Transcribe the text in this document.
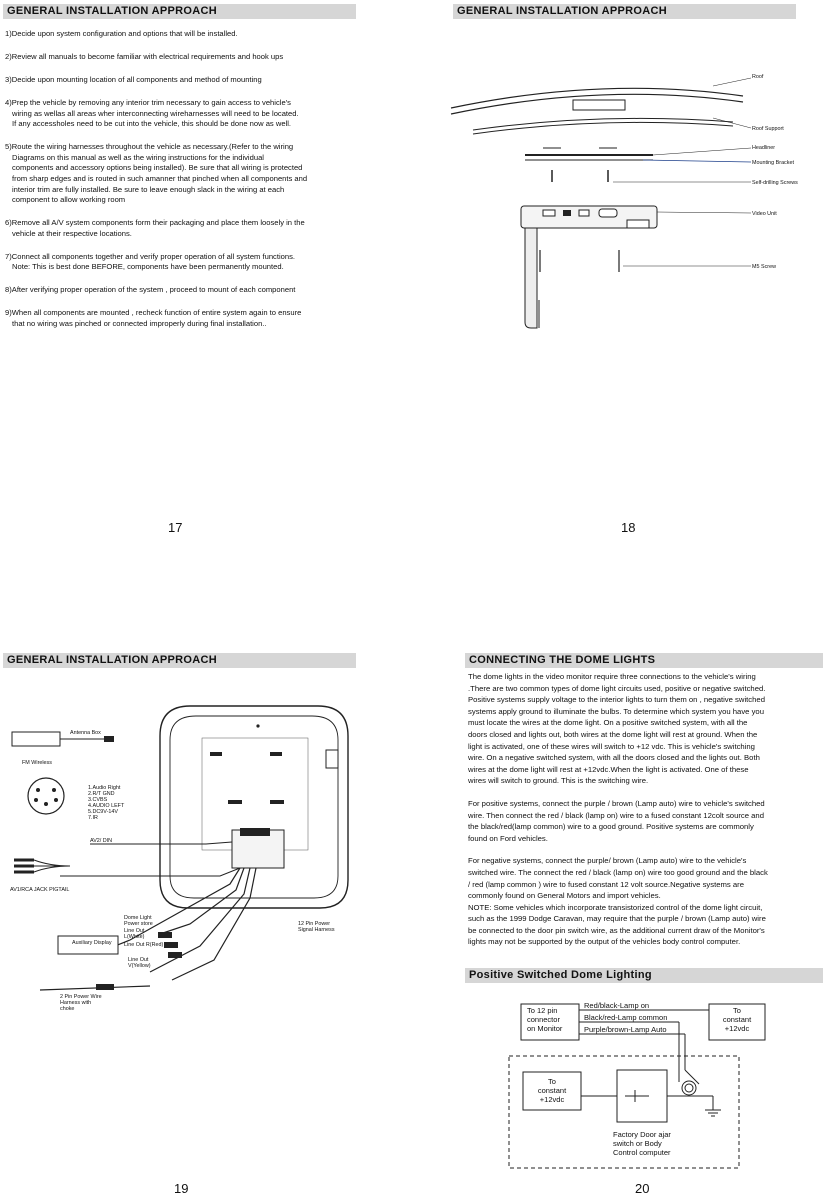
GENERAL INSTALLATION APPROACH

1)Decide upon system configuration and options that will be installed.

2)Review all manuals to become familiar with electrical requirements and hook ups

3)Decide upon mounting location of all components and method of mounting

4)Prep the vehicle by removing any interior trim necessary to gain access to vehicle's
wiring as wellas all areas wher interconnecting wireharnesses will need to be located.
If any accessholes need to be cut into the vehicle, this should be done now as well.

5)Route the wiring harnesses throughout the vehicle as necessary.(Refer to the wiring
Diagrams on this manual as well as the wiring instructions for the individual
components and accessory options being installed). Be sure that all wiring is protected
from sharp edges and is routed in such amanner that pinched when all components and
interior trim are fully installed. Be sure to leave enough slack in the wiring at each
component to allow working room

6)Remove all A/V system components form their packaging and place them loosely in the
vehicle at their respective locations.

7)Connect all components together and verify proper operation of all system functions.
Note: This is best done BEFORE, components have been permanently mounted.

8)After verifying proper operation of the system , proceed to mount of each component

9)When all components are mounted , recheck function of entire system again to ensure
that no wiring was pinched or connected improperly during final installation..

17
GENERAL INSTALLATION APPROACH
Roof
Roof Support
Headliner
Mounting Bracket
Self-drilling Screws
Video Unit
M5 Screw
18
GENERAL INSTALLATION APPROACH
Antenna Box
FM Wireless
1.Audio Right
2.R/T GND
3.CVBS
4.AUDIO LEFT
5.DC9V-14V
7.IR
AV2/ DIN
AV1/RCA JACK PIGTAIL
Dome Light
Power store
Line Out
L(White)
Line Out R(Red)
Line Out
V(Yellow)
Auxiliary Display
12 Pin Power
Signal Harness
2 Pin Power Wire
Harness with
choke
19
CONNECTING THE DOME LIGHTS

The dome lights in the video monitor require three connections to the vehicle's wiring
.There are two common types of dome light circuits used, positive or negative switched.
Positive systems supply voltage to the interior lights to turn them on , negative switched
systems apply ground to illuminate the bulbs. To determine which system you have you
must locate the wires at the dome light. On a positive switched system, with all the
doors closed and lights out, both wires at the dome light will rest at ground. When the
light is activated, one of these wires will switch to +12 vdc. This is vehicle's switching
wire. On a negative switched system, with all the doors closed and the lights out. Both
wires at the dome light will rest at +12vdc.When the light is activated. One of these
wires will switch to ground. This is the switching wire.

For positive systems, connect the purple / brown (Lamp auto) wire to vehicle's switched
wire. Then connect the red / black (lamp on) wire to a fused constant 12colt source and
the black/red(lamp common) wire to a good ground. Positive systems are commonly
found on Ford vehicles.

For negative systems, connect the purple/ brown (Lamp auto) wire to the vehicle's
switched wire. The connect the red / black (lamp on) wire too good ground and the black
/ red (lamp common ) wire to fused constant 12 volt source.Negative systems are
commonly found on General Motors and import vehicles.
NOTE: Some vehicles which incorporate transistorized control of the dome light circuit,
such as the 1999 Dodge Caravan, may require that the purple / brown (Lamp auto) wire
be connected to the door pin switch wire, as the additional current draw of the Monitor's
lights may not be supported by the output of the vehicles body control computer.

Positive Switched Dome Lighting
To 12 pin
connector
on Monitor
Red/black-Lamp on
Black/red-Lamp common
Purple/brown-Lamp Auto
To
constant
+12vdc
To
constant
+12vdc
Factory Door ajar
switch or Body
Control computer
20
